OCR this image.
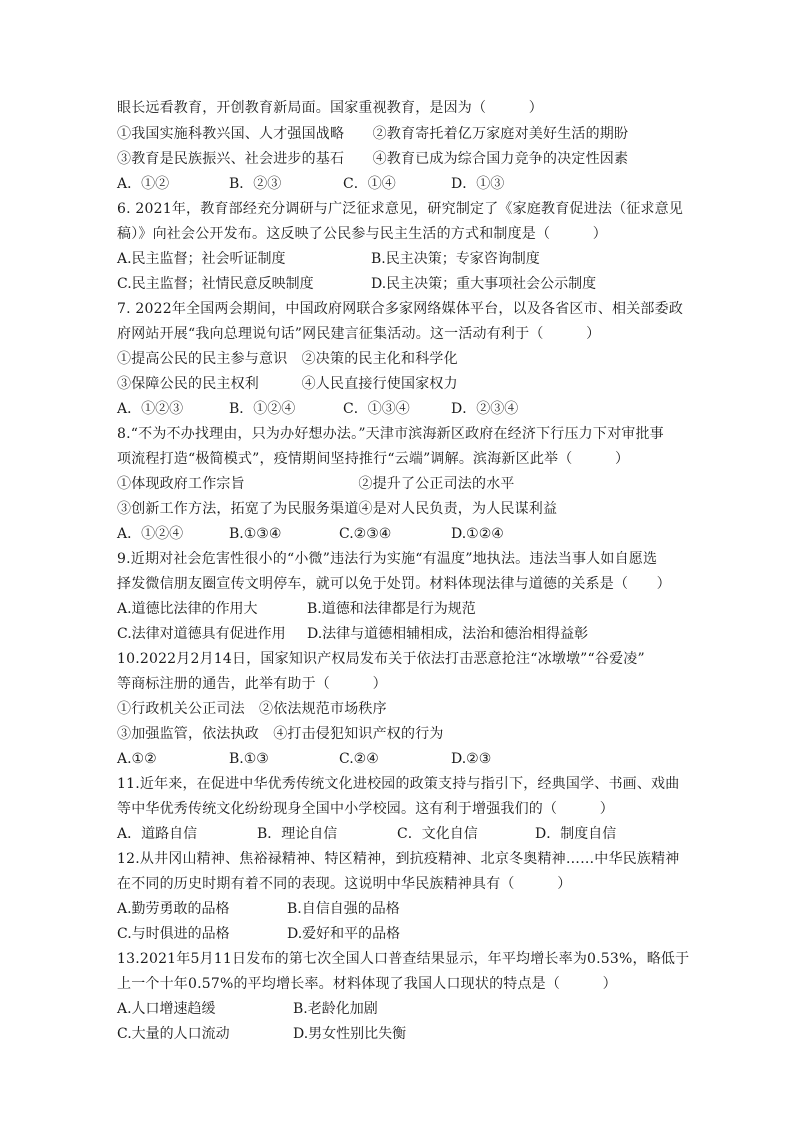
眼长远看教育，开创教育新局面。国家重视教育，是因为（　　　）
①我国实施科教兴国、人才强国战略　　②教育寄托着亿万家庭对美好生活的期盼
③教育是民族振兴、社会进步的基石　　④教育已成为综合国力竞争的决定性因素
A．①②	B．②③	C．①④	D．①③
6. 2021年，教育部经充分调研与广泛征求意见，研究制定了《家庭教育促进法（征求意见
稿）》向社会公开发布。这反映了公民参与民主生活的方式和制度是（　　　）
A.民主监督；社会听证制度	B.民主决策；专家咨询制度
C.民主监督；社情民意反映制度	D.民主决策；重大事项社会公示制度
7. 2022年全国两会期间，中国政府网联合多家网络媒体平台，以及各省区市、相关部委政
府网站开展“我向总理说句话”网民建言征集活动。这一活动有利于（　　　）
①提高公民的民主参与意识　②决策的民主化和科学化
③保障公民的民主权利　　　④人民直接行使国家权力
A．①②③	B．①②④	C．①③④	D．②③④
8.“不为不办找理由，只为办好想办法。”天津市滨海新区政府在经济下行压力下对审批事
项流程打造“极简模式”，疫情期间坚持推行“云端”调解。滨海新区此举（　　　）
①体现政府工作宗旨　　　　　　　　②提升了公正司法的水平
③创新工作方法，拓宽了为民服务渠道④是对人民负责，为人民谋利益
A．①②④	B.①③④	C.②③④	D.①②④
9.近期对社会危害性很小的“小微”违法行为实施“有温度”地执法。违法当事人如自愿选
择发微信朋友圈宣传文明停车，就可以免于处罚。材料体现法律与道德的关系是（　　）
A.道德比法律的作用大	B.道德和法律都是行为规范
C.法律对道德具有促进作用 D.法律与道德相辅相成，法治和德治相得益彰
10.2022月2月14日，国家知识产权局发布关于依法打击恶意抢注“冰墩墩”“谷爱凌”
等商标注册的通告，此举有助于（　　　）
①行政机关公正司法　②依法规范市场秩序
③加强监管，依法执政　④打击侵犯知识产权的行为
A.①②	B.①③	C.②④	D.②③
11.近年来，在促进中华优秀传统文化进校园的政策支持与指引下，经典国学、书画、戏曲
等中华优秀传统文化纷纷现身全国中小学校园。这有利于增强我们的（　　　）
A．道路自信	B．理论自信	C．文化自信	D．制度自信
12.从井冈山精神、焦裕禄精神、特区精神，到抗疫精神、北京冬奥精神……中华民族精神
在不同的历史时期有着不同的表现。这说明中华民族精神具有（　　　）
A.勤劳勇敢的品格	B.自信自强的品格
C.与时俱进的品格	D.爱好和平的品格
13.2021年5月11日发布的第七次全国人口普查结果显示，年平均增长率为0.53%，略低于
上一个十年0.57%的平均增长率。材料体现了我国人口现状的特点是（　　　）
A.人口增速趋缓	B.老龄化加剧
C.大量的人口流动	D.男女性别比失衡
